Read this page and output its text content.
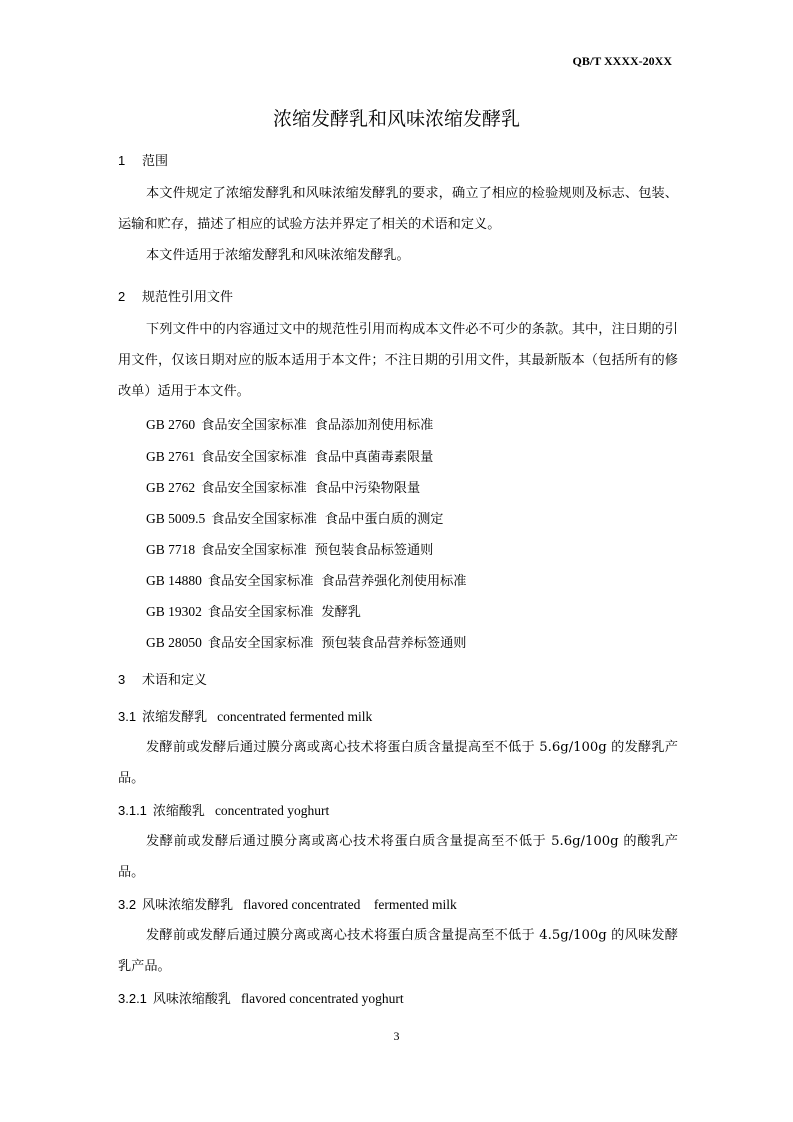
QB/T XXXX-20XX
浓缩发酵乳和风味浓缩发酵乳
1 范围
本文件规定了浓缩发酵乳和风味浓缩发酵乳的要求，确立了相应的检验规则及标志、包装、运输和贮存，描述了相应的试验方法并界定了相关的术语和定义。
本文件适用于浓缩发酵乳和风味浓缩发酵乳。
2 规范性引用文件
下列文件中的内容通过文中的规范性引用而构成本文件必不可少的条款。其中，注日期的引用文件，仅该日期对应的版本适用于本文件；不注日期的引用文件，其最新版本（包括所有的修改单）适用于本文件。
GB 2760 食品安全国家标准 食品添加剂使用标准
GB 2761 食品安全国家标准 食品中真菌毒素限量
GB 2762 食品安全国家标准 食品中污染物限量
GB 5009.5 食品安全国家标准 食品中蛋白质的测定
GB 7718 食品安全国家标准 预包装食品标签通则
GB 14880 食品安全国家标准 食品营养强化剂使用标准
GB 19302 食品安全国家标准 发酵乳
GB 28050 食品安全国家标准 预包装食品营养标签通则
3 术语和定义
3.1 浓缩发酵乳 concentrated fermented milk
发酵前或发酵后通过膜分离或离心技术将蛋白质含量提高至不低于 5.6g/100g 的发酵乳产品。
3.1.1 浓缩酸乳 concentrated yoghurt
发酵前或发酵后通过膜分离或离心技术将蛋白质含量提高至不低于 5.6g/100g 的酸乳产品。
3.2 风味浓缩发酵乳 flavored concentrated    fermented milk
发酵前或发酵后通过膜分离或离心技术将蛋白质含量提高至不低于 4.5g/100g 的风味发酵乳产品。
3.2.1 风味浓缩酸乳 flavored concentrated yoghurt
3
